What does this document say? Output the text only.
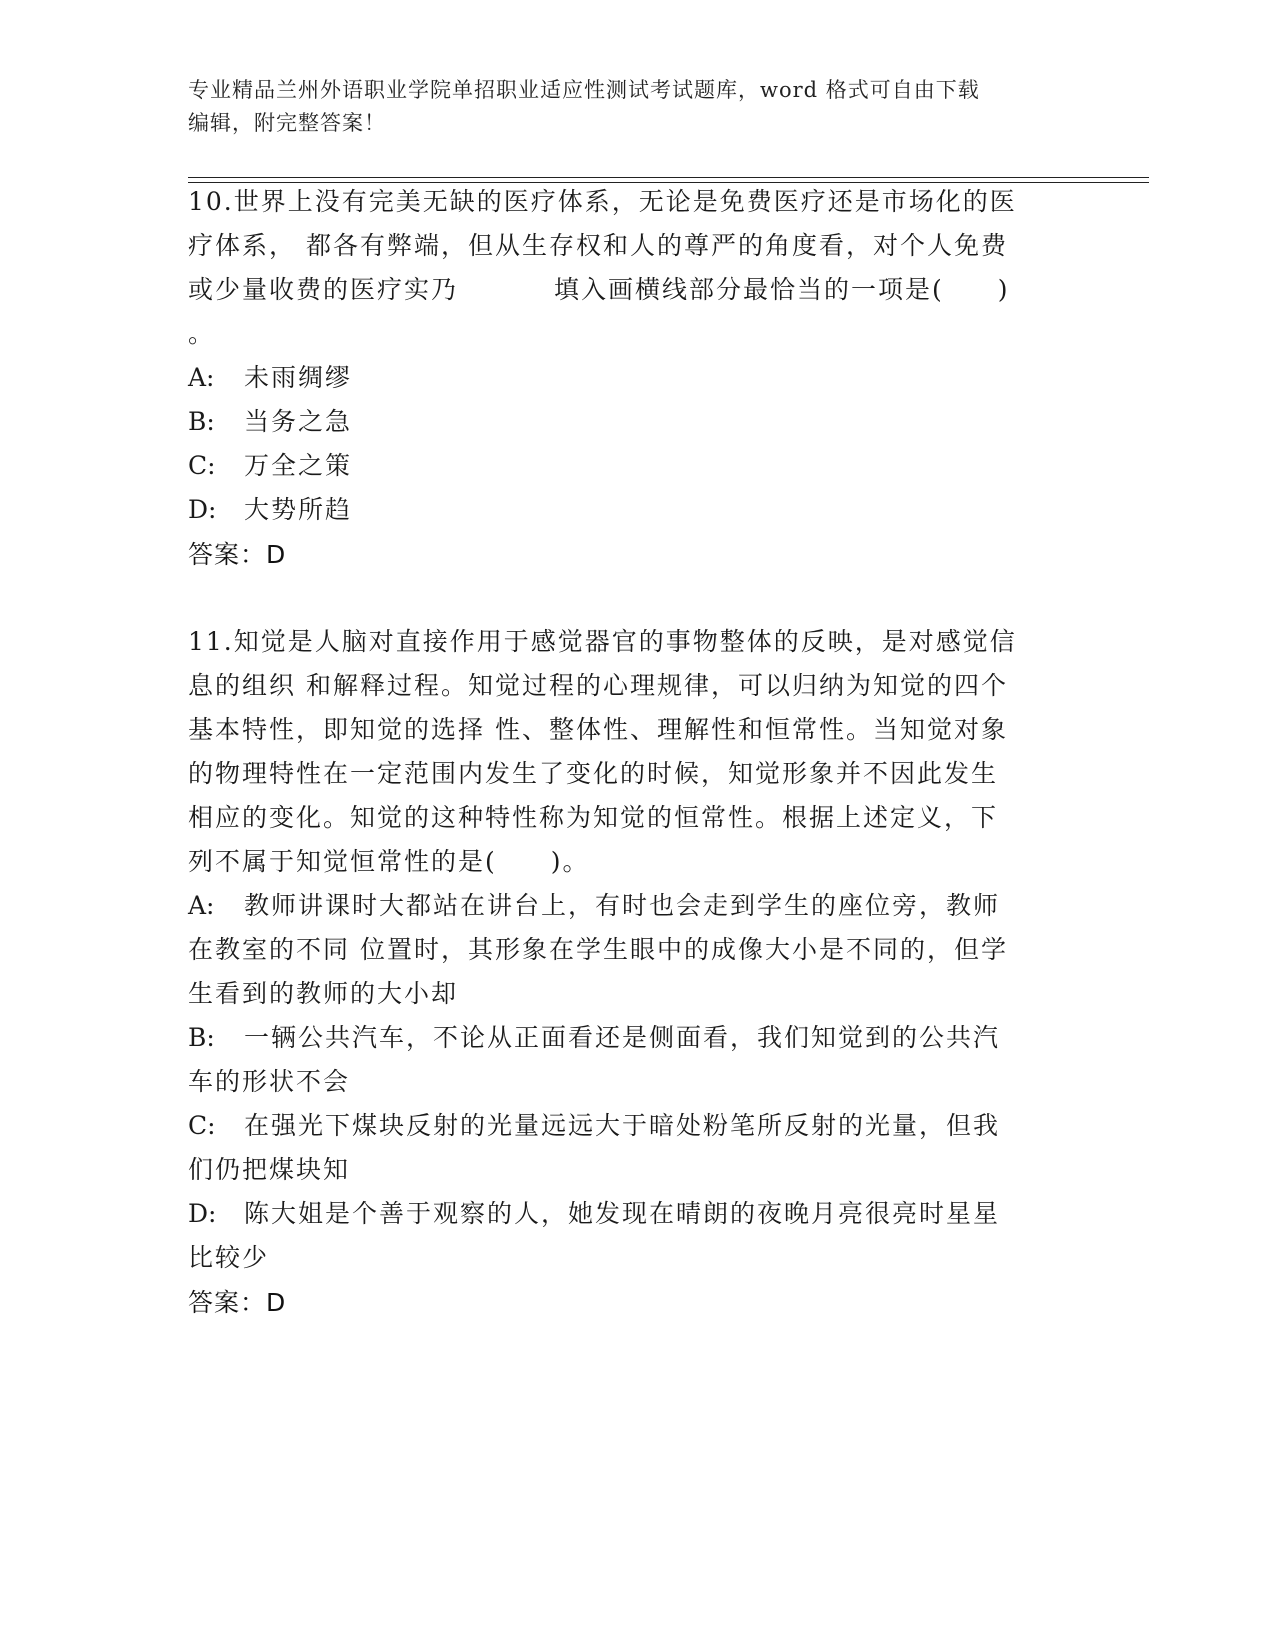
专业精品兰州外语职业学院单招职业适应性测试考试题库，word 格式可自由下载
编辑，附完整答案！

10.世界上没有完美无缺的医疗体系，无论是免费医疗还是市场化的医

疗体系， 都各有弊端，但从生存权和人的尊严的角度看，对个人免费

或少量收费的医疗实乃	填入画横线部分最恰当的一项是(　　)

。

A: 未雨绸缪

B: 当务之急

C: 万全之策

D: 大势所趋

答案：D

11.知觉是人脑对直接作用于感觉器官的事物整体的反映，是对感觉信

息的组织 和解释过程。知觉过程的心理规律，可以归纳为知觉的四个

基本特性，即知觉的选择 性、整体性、理解性和恒常性。当知觉对象

的物理特性在一定范围内发生了变化的时候，知觉形象并不因此发生

相应的变化。知觉的这种特性称为知觉的恒常性。根据上述定义，下

列不属于知觉恒常性的是(　　)。

A: 教师讲课时大都站在讲台上，有时也会走到学生的座位旁，教师

在教室的不同 位置时，其形象在学生眼中的成像大小是不同的，但学

生看到的教师的大小却

B: 一辆公共汽车，不论从正面看还是侧面看，我们知觉到的公共汽

车的形状不会

C: 在强光下煤块反射的光量远远大于暗处粉笔所反射的光量，但我

们仍把煤块知

D: 陈大姐是个善于观察的人，她发现在晴朗的夜晚月亮很亮时星星

比较少

答案：D
